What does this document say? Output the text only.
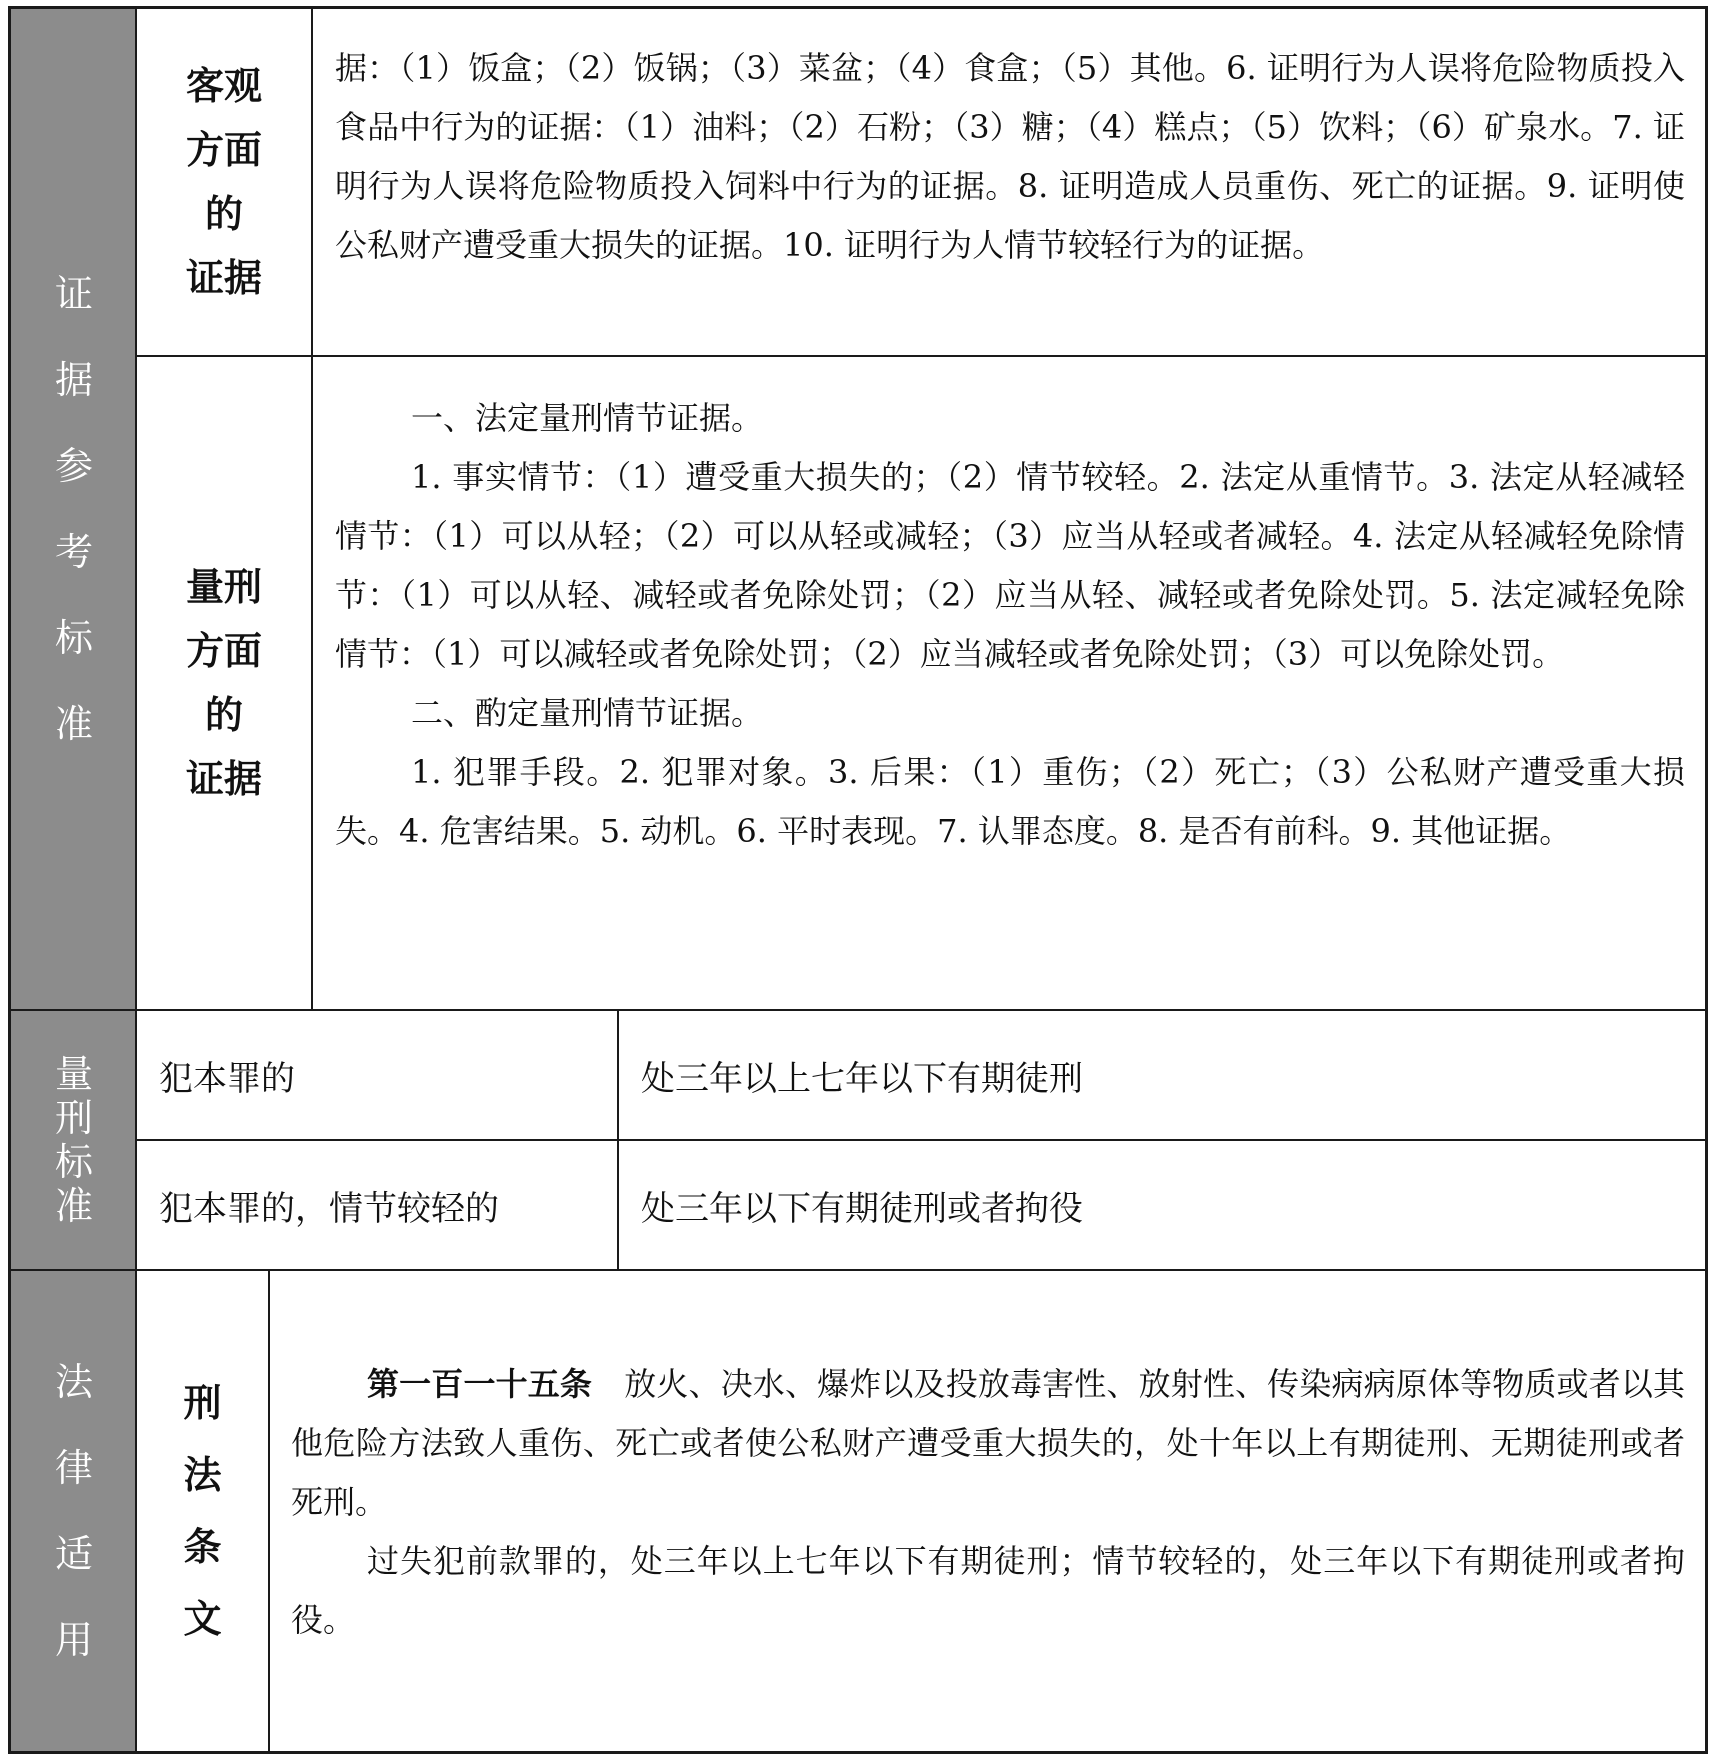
证据参考标准
量刑标准
法律适用
客观
方面
的
证据

据：（1）饭盒；（2）饭锅；（3）菜盆；（4）食盒；（5）其他。6. 证明行为人误将危险物质投入食品中行为的证据：（1）油料；（2）石粉；（3）糖；（4）糕点；（5）饮料；（6）矿泉水。7. 证明行为人误将危险物质投入饲料中行为的证据。8. 证明造成人员重伤、死亡的证据。9. 证明使公私财产遭受重大损失的证据。10. 证明行为人情节较轻行为的证据。

量刑
方面
的
证据

一、法定量刑情节证据。

1. 事实情节：（1）遭受重大损失的；（2）情节较轻。2. 法定从重情节。3. 法定从轻减轻情节：（1）可以从轻；（2）可以从轻或减轻；（3）应当从轻或者减轻。4. 法定从轻减轻免除情节：（1）可以从轻、减轻或者免除处罚；（2）应当从轻、减轻或者免除处罚。5. 法定减轻免除情节：（1）可以减轻或者免除处罚；（2）应当减轻或者免除处罚；（3）可以免除处罚。

二、酌定量刑情节证据。

1. 犯罪手段。2. 犯罪对象。3. 后果：（1）重伤；（2）死亡；（3）公私财产遭受重大损失。4. 危害结果。5. 动机。6. 平时表现。7. 认罪态度。8. 是否有前科。9. 其他证据。

犯本罪的	处三年以上七年以下有期徒刑
犯本罪的，情节较轻的	处三年以下有期徒刑或者拘役
刑法条文

第一百一十五条  放火、决水、爆炸以及投放毒害性、放射性、传染病病原体等物质或者以其他危险方法致人重伤、死亡或者使公私财产遭受重大损失的，处十年以上有期徒刑、无期徒刑或者死刑。

过失犯前款罪的，处三年以上七年以下有期徒刑；情节较轻的，处三年以下有期徒刑或者拘役。
